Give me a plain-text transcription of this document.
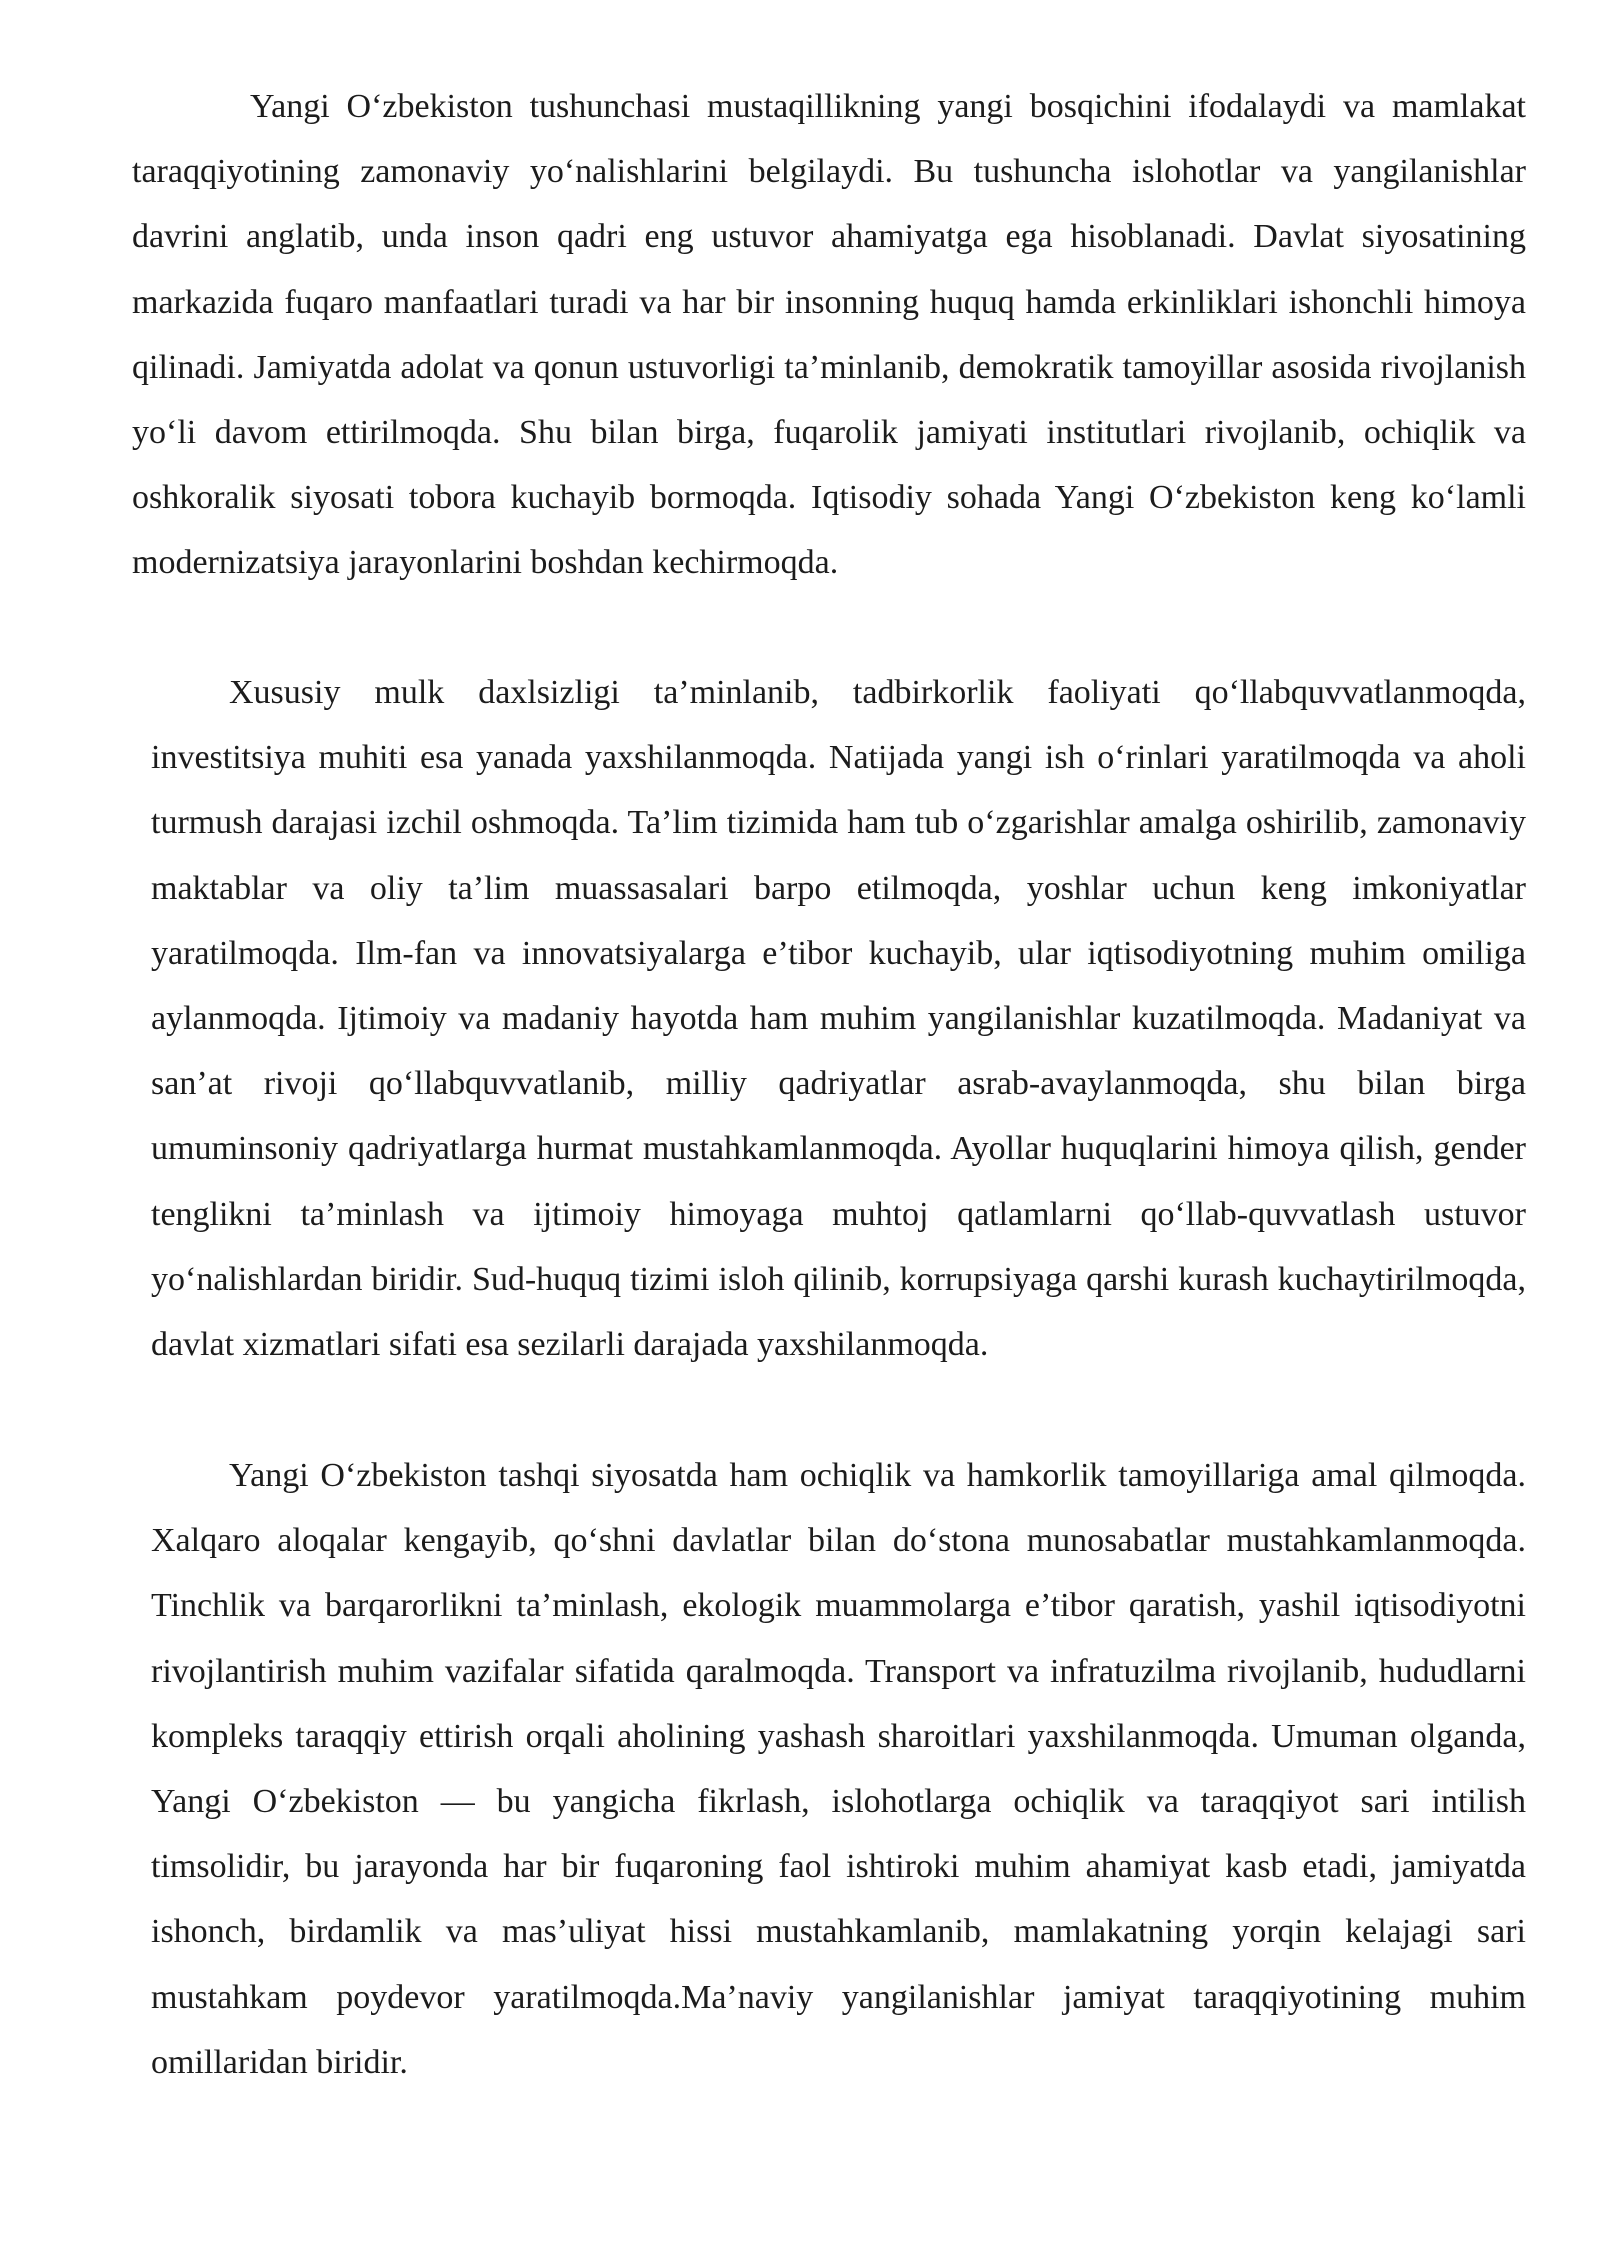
Yangi O‘zbekiston tushunchasi mustaqillikning yangi bosqichini ifodalaydi va mamlakat taraqqiyotining zamonaviy yo‘nalishlarini belgilaydi. Bu tushuncha islohotlar va yangilanishlar davrini anglatib, unda inson qadri eng ustuvor ahamiyatga ega hisoblanadi. Davlat siyosatining markazida fuqaro manfaatlari turadi va har bir insonning huquq hamda erkinliklari ishonchli himoya qilinadi. Jamiyatda adolat va qonun ustuvorligi ta’minlanib, demokratik tamoyillar asosida rivojlanish yo‘li davom ettirilmoqda. Shu bilan birga, fuqarolik jamiyati institutlari rivojlanib, ochiqlik va oshkoralik siyosati tobora kuchayib bormoqda. Iqtisodiy sohada Yangi O‘zbekiston keng ko‘lamli modernizatsiya jarayonlarini boshdan kechirmoqda.

Xususiy mulk daxlsizligi ta’minlanib, tadbirkorlik faoliyati qo‘llabquvvatlanmoqda, investitsiya muhiti esa yanada yaxshilanmoqda. Natijada yangi ish o‘rinlari yaratilmoqda va aholi turmush darajasi izchil oshmoqda. Ta’lim tizimida ham tub o‘zgarishlar amalga oshirilib, zamonaviy maktablar va oliy ta’lim muassasalari barpo etilmoqda, yoshlar uchun keng imkoniyatlar yaratilmoqda. Ilm-fan va innovatsiyalarga e’tibor kuchayib, ular iqtisodiyotning muhim omiliga aylanmoqda. Ijtimoiy va madaniy hayotda ham muhim yangilanishlar kuzatilmoqda. Madaniyat va san’at rivoji qo‘llabquvvatlanib, milliy qadriyatlar asrab-avaylanmoqda, shu bilan birga umuminsoniy qadriyatlarga hurmat mustahkamlanmoqda. Ayollar huquqlarini himoya qilish, gender tenglikni ta’minlash va ijtimoiy himoyaga muhtoj qatlamlarni qo‘llab-quvvatlash ustuvor yo‘nalishlardan biridir. Sud-huquq tizimi isloh qilinib, korrupsiyaga qarshi kurash kuchaytirilmoqda, davlat xizmatlari sifati esa sezilarli darajada yaxshilanmoqda.

Yangi O‘zbekiston tashqi siyosatda ham ochiqlik va hamkorlik tamoyillariga amal qilmoqda. Xalqaro aloqalar kengayib, qo‘shni davlatlar bilan do‘stona munosabatlar mustahkamlanmoqda. Tinchlik va barqarorlikni ta’minlash, ekologik muammolarga e’tibor qaratish, yashil iqtisodiyotni rivojlantirish muhim vazifalar sifatida qaralmoqda. Transport va infratuzilma rivojlanib, hududlarni kompleks taraqqiy ettirish orqali aholining yashash sharoitlari yaxshilanmoqda. Umuman olganda, Yangi O‘zbekiston — bu yangicha fikrlash, islohotlarga ochiqlik va taraqqiyot sari intilish timsolidir, bu jarayonda har bir fuqaroning faol ishtiroki muhim ahamiyat kasb etadi, jamiyatda ishonch, birdamlik va mas’uliyat hissi mustahkamlanib, mamlakatning yorqin kelajagi sari mustahkam poydevor yaratilmoqda.Ma’naviy yangilanishlar jamiyat taraqqiyotining muhim omillaridan biridir.
